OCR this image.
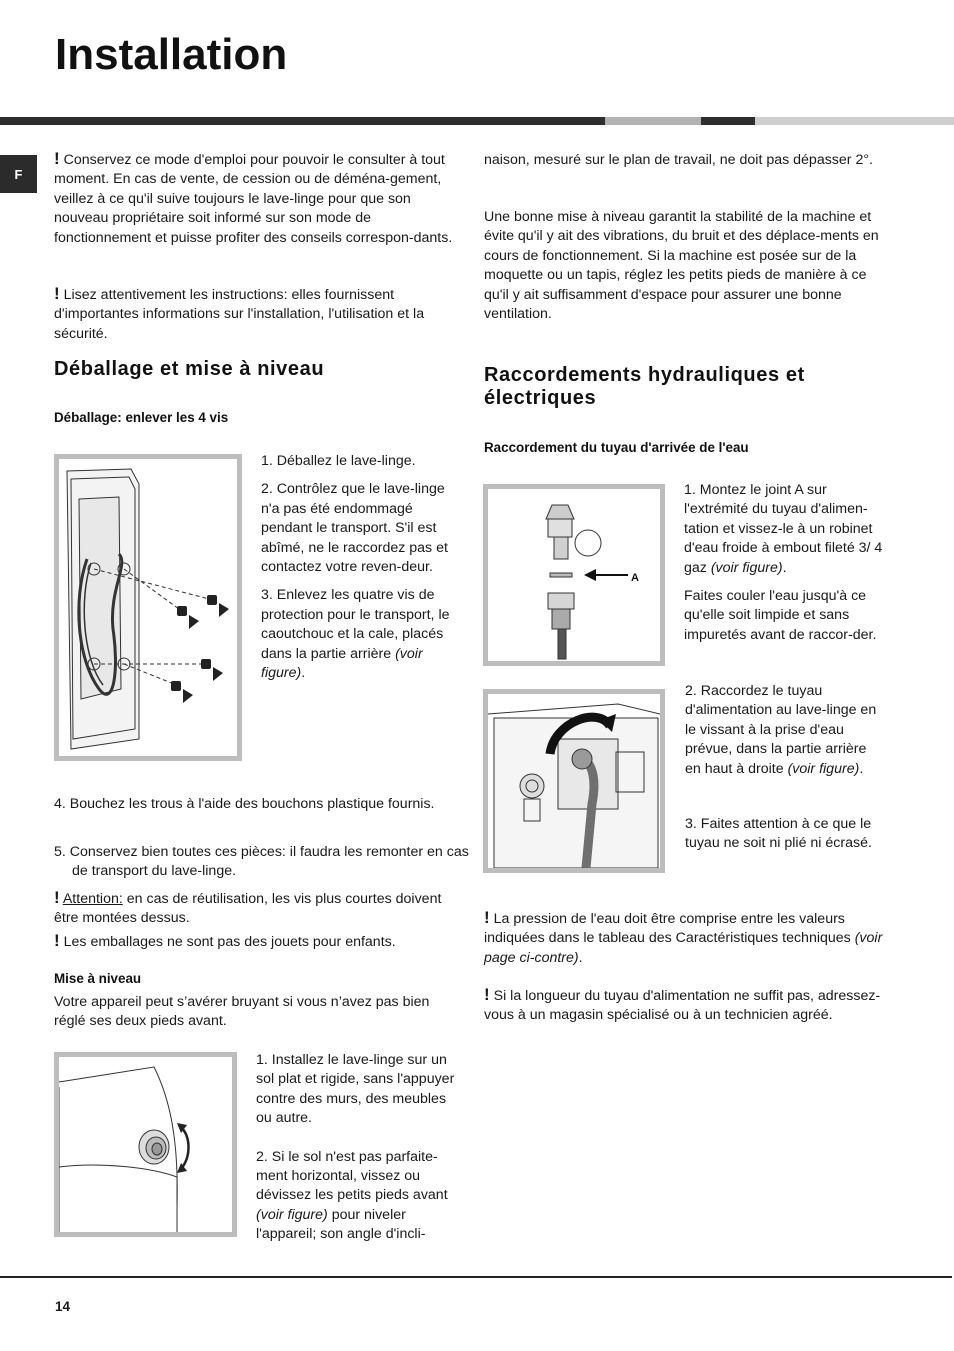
Installation
F

! Conservez ce mode d'emploi pour pouvoir le consulter à tout moment. En cas de vente, de cession ou de déména-gement, veillez à ce qu'il suive toujours le lave-linge pour que son nouveau propriétaire soit informé sur son mode de fonctionnement et puisse profiter des conseils correspon-dants.

! Lisez attentivement les instructions: elles fournissent d'importantes informations sur l'installation, l'utilisation et la sécurité.

Déballage et mise à niveau
Déballage: enlever les 4 vis
1. Déballez le lave-linge.
2. Contrôlez que le lave-linge n'a pas été endommagé pendant le transport. S'il est abîmé, ne le raccordez pas et contactez votre reven-deur.
3. Enlevez les quatre vis de protection pour le transport, le caoutchouc et la cale, placés dans la partie arrière (voir figure).
4. Bouchez les trous à l'aide des bouchons plastique fournis.
5. Conservez bien toutes ces pièces: il faudra les remonter en cas de transport du lave-linge.

! Attention: en cas de réutilisation, les vis plus courtes doivent être montées dessus.

! Les emballages ne sont pas des jouets pour enfants.

Mise à niveau

Votre appareil peut s’avérer bruyant si vous n’avez pas bien réglé ses deux pieds avant.

1. Installez le lave-linge sur un sol plat et rigide, sans l'appuyer contre des murs, des meubles ou autre.
2. Si le sol n'est pas parfaite-ment horizontal, vissez ou dévissez les petits pieds avant (voir figure) pour niveler l'appareil; son angle d'incli-

naison, mesuré sur le plan de travail, ne doit pas dépasser 2°.

Une bonne mise à niveau garantit la stabilité de la machine et évite qu'il y ait des vibrations, du bruit et des déplace-ments en cours de fonctionnement. Si la machine est posée sur de la moquette ou un tapis, réglez les petits pieds de manière à ce qu'il y ait suffisamment d'espace pour assurer une bonne ventilation.

Raccordements hydrauliques et électriques
Raccordement du tuyau d'arrivée de l'eau
A
1. Montez le joint A sur l'extrémité du tuyau d'alimen-tation et vissez-le à un robinet d'eau froide à embout fileté 3/ 4 gaz (voir figure).
Faites couler l'eau jusqu'à ce qu'elle soit limpide et sans impuretés avant de raccor-der.
2. Raccordez le tuyau d'alimentation au lave-linge en le vissant à la prise d'eau prévue, dans la partie arrière en haut à droite (voir figure).
3. Faites attention à ce que le tuyau ne soit ni plié ni écrasé.

! La pression de l'eau doit être comprise entre les valeurs indiquées dans le tableau des Caractéristiques techniques (voir page ci-contre).

! Si la longueur du tuyau d'alimentation ne suffit pas, adressez-vous à un magasin spécialisé ou à un technicien agréé.

14
